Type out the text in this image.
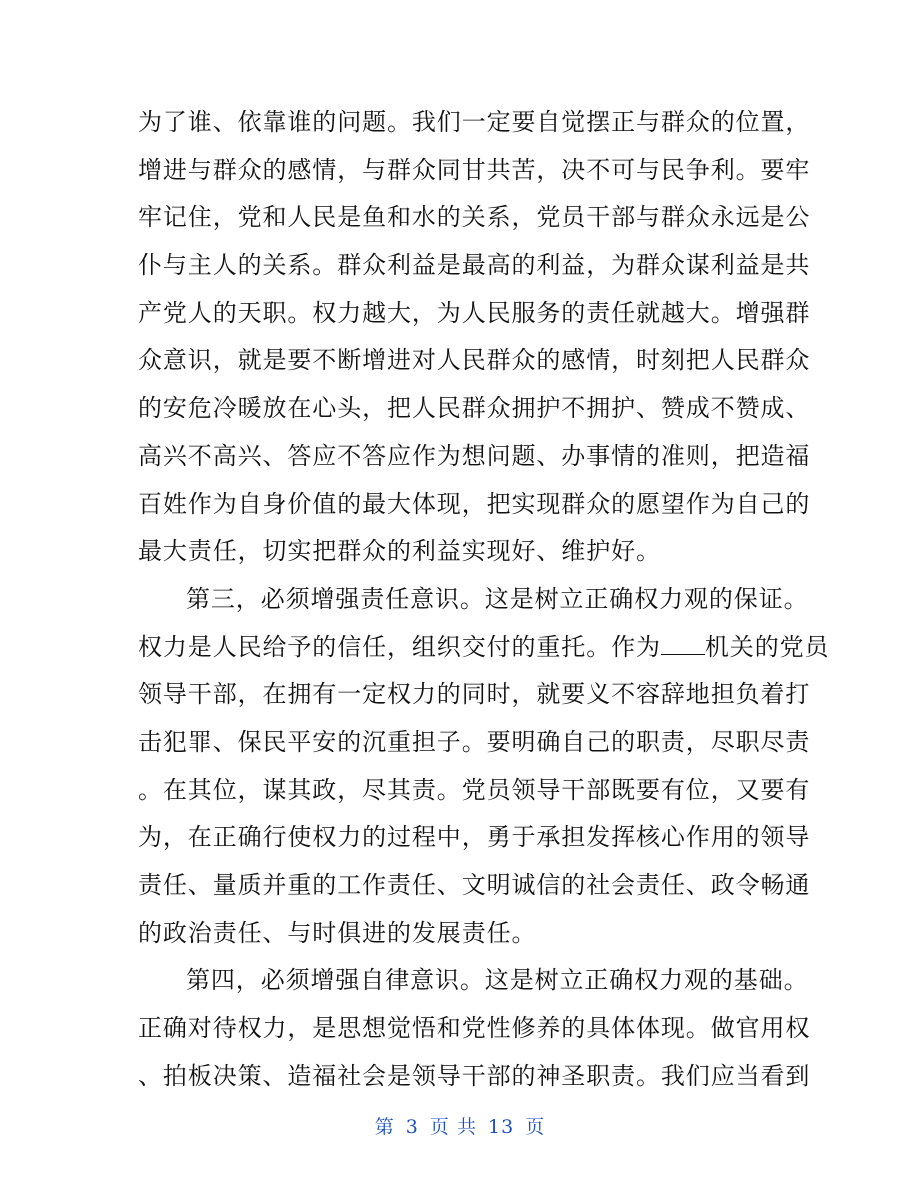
为了谁、依靠谁的问题。我们一定要自觉摆正与群众的位置，
增进与群众的感情，与群众同甘共苦，决不可与民争利。要牢
牢记住，党和人民是鱼和水的关系，党员干部与群众永远是公
仆与主人的关系。群众利益是最高的利益，为群众谋利益是共
产党人的天职。权力越大，为人民服务的责任就越大。增强群
众意识，就是要不断增进对人民群众的感情，时刻把人民群众
的安危冷暖放在心头，把人民群众拥护不拥护、赞成不赞成、
高兴不高兴、答应不答应作为想问题、办事情的准则，把造福
百姓作为自身价值的最大体现，把实现群众的愿望作为自己的
最大责任，切实把群众的利益实现好、维护好。
第三，必须增强责任意识。这是树立正确权力观的保证。
权力是人民给予的信任，组织交付的重托。作为 机关的党员
领导干部，在拥有一定权力的同时，就要义不容辞地担负着打
击犯罪、保民平安的沉重担子。要明确自己的职责，尽职尽责
。在其位，谋其政，尽其责。党员领导干部既要有位，又要有
为，在正确行使权力的过程中，勇于承担发挥核心作用的领导
责任、量质并重的工作责任、文明诚信的社会责任、政令畅通
的政治责任、与时俱进的发展责任。
第四，必须增强自律意识。这是树立正确权力观的基础。
正确对待权力，是思想觉悟和党性修养的具体体现。做官用权
、拍板决策、造福社会是领导干部的神圣职责。我们应当看到
第 3 页 共 13 页
